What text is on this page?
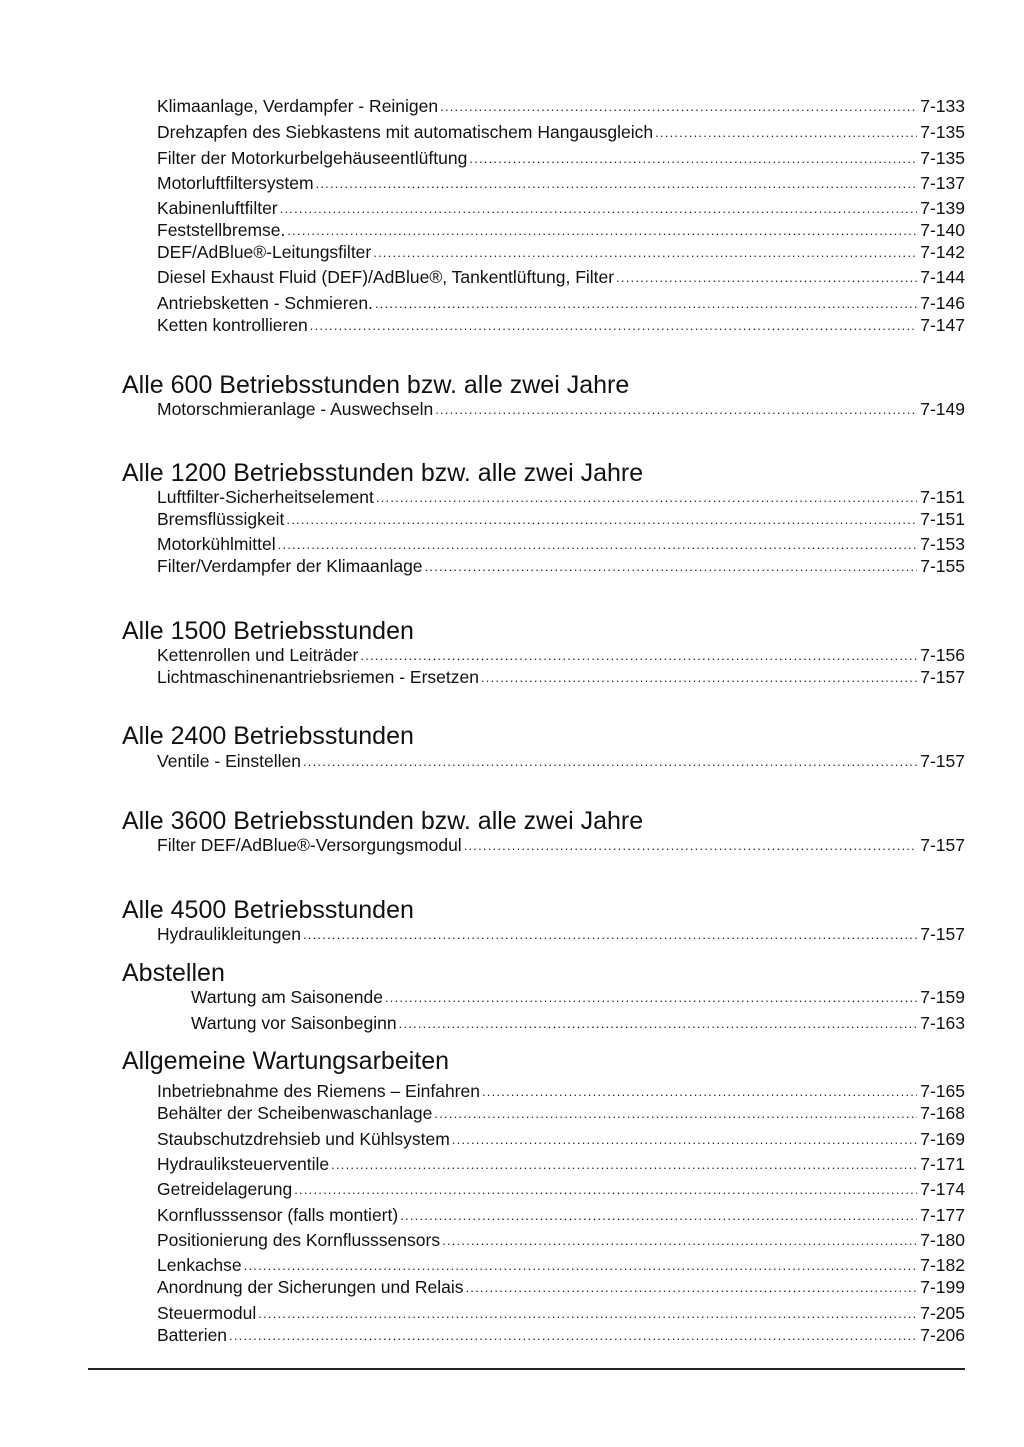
Klimaanlage, Verdampfer - Reinigen .....	7-133
Drehzapfen des Siebkastens mit automatischem Hangausgleich .....	7-135
Filter der Motorkurbelgehäuseentlüftung .....	7-135
Motorluftfiltersystem .....	7-137
Kabinenluftfilter .....	7-139
Feststellbremse. .....	7-140
DEF/AdBlue®-Leitungsfilter .....	7-142
Diesel Exhaust Fluid (DEF)/AdBlue®, Tankentlüftung, Filter .....	7-144
Antriebsketten - Schmieren. .....	7-146
Ketten kontrollieren .....	7-147
Alle 600 Betriebsstunden bzw. alle zwei Jahre
Motorschmieranlage - Auswechseln .....	7-149
Alle 1200 Betriebsstunden bzw. alle zwei Jahre
Luftfilter-Sicherheitselement .....	7-151
Bremsflüssigkeit .....	7-151
Motorkühlmittel .....	7-153
Filter/Verdampfer der Klimaanlage .....	7-155
Alle 1500 Betriebsstunden
Kettenrollen und Leiträder .....	7-156
Lichtmaschinenantriebsriemen - Ersetzen .....	7-157
Alle 2400 Betriebsstunden
Ventile - Einstellen .....	7-157
Alle 3600 Betriebsstunden bzw. alle zwei Jahre
Filter DEF/AdBlue®-Versorgungsmodul .....	7-157
Alle 4500 Betriebsstunden
Hydraulikleitungen .....	7-157
Abstellen
Wartung am Saisonende .....	7-159
Wartung vor Saisonbeginn .....	7-163
Allgemeine Wartungsarbeiten
Inbetriebnahme des Riemens – Einfahren .....	7-165
Behälter der Scheibenwaschanlage .....	7-168
Staubschutzdrehsieb und Kühlsystem .....	7-169
Hydrauliksteuerventile .....	7-171
Getreidelagerung .....	7-174
Kornflusssensor (falls montiert) .....	7-177
Positionierung des Kornflusssensors .....	7-180
Lenkachse .....	7-182
Anordnung der Sicherungen und Relais .....	7-199
Steuermodul .....	7-205
Batterien .....	7-206
